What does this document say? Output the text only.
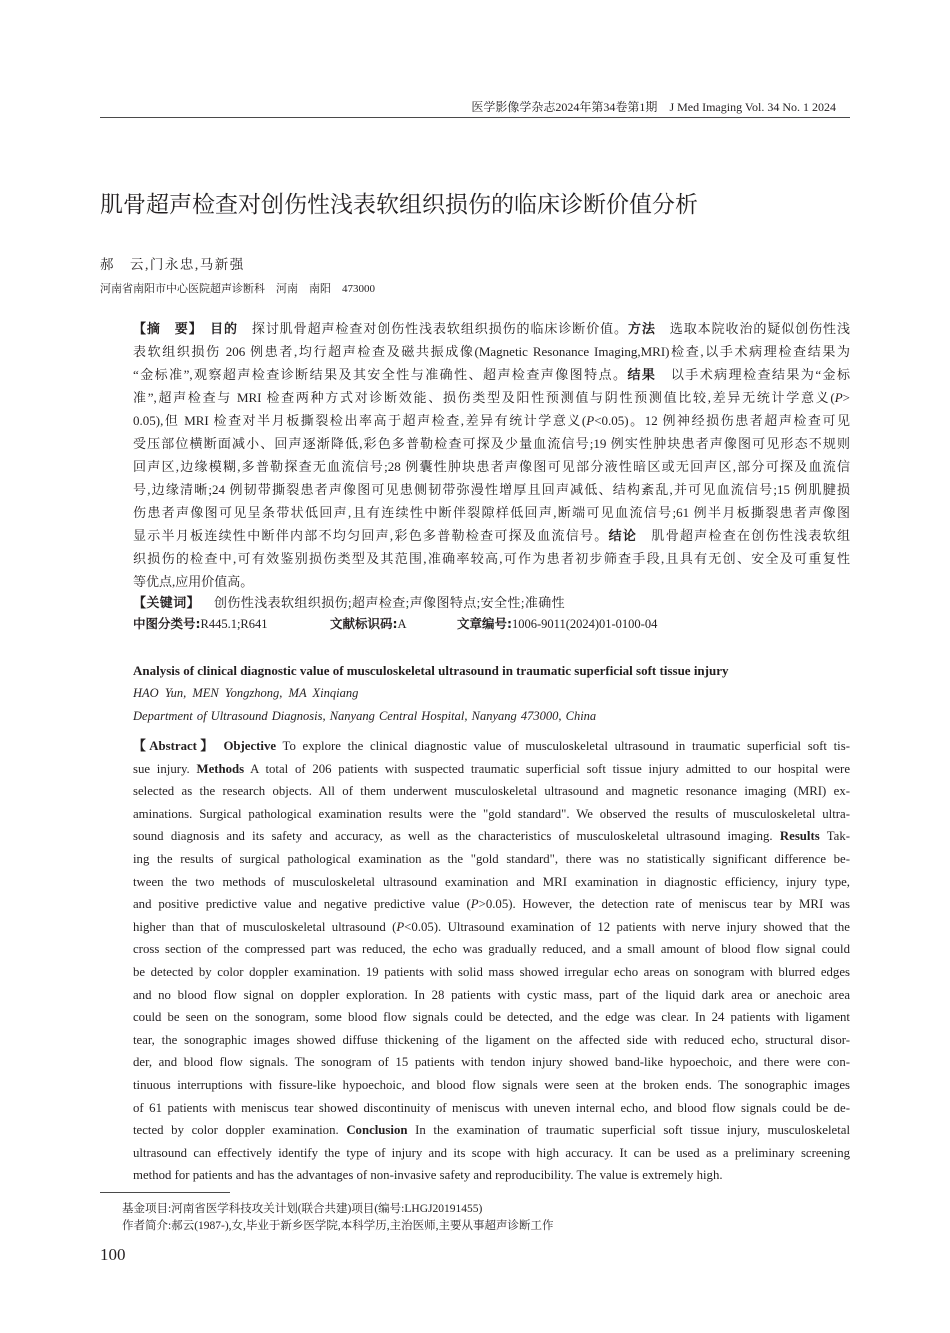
医学影像学杂志2024年第34卷第1期 J Med Imaging Vol. 34 No. 1 2024
肌骨超声检查对创伤性浅表软组织损伤的临床诊断价值分析
郝　云,门永忠,马新强
河南省南阳市中心医院超声诊断科　河南　南阳　473000
【摘　要】　目的　探讨肌骨超声检查对创伤性浅表软组织损伤的临床诊断价值。方法　选取本院收治的疑似创伤性浅
表软组织损伤 206 例患者,均行超声检查及磁共振成像(Magnetic Resonance Imaging,MRI)检查,以手术病理检查结果为
“金标准”,观察超声检查诊断结果及其安全性与准确性、超声检查声像图特点。结果　以手术病理检查结果为“金标
准”,超声检查与 MRI 检查两种方式对诊断效能、损伤类型及阳性预测值与阴性预测值比较,差异无统计学意义(P>
0.05),但 MRI 检查对半月板撕裂检出率高于超声检查,差异有统计学意义(P<0.05)。12 例神经损伤患者超声检查可见
受压部位横断面减小、回声逐渐降低,彩色多普勒检查可探及少量血流信号;19 例实性肿块患者声像图可见形态不规则
回声区,边缘模糊,多普勒探查无血流信号;28 例囊性肿块患者声像图可见部分液性暗区或无回声区,部分可探及血流信
号,边缘清晰;24 例韧带撕裂患者声像图可见患侧韧带弥漫性增厚且回声减低、结构紊乱,并可见血流信号;15 例肌腱损
伤患者声像图可见呈条带状低回声,且有连续性中断伴裂隙样低回声,断端可见血流信号;61 例半月板撕裂患者声像图
显示半月板连续性中断伴内部不均匀回声,彩色多普勒检查可探及血流信号。结论　肌骨超声检查在创伤性浅表软组
织损伤的检查中,可有效鉴别损伤类型及其范围,准确率较高,可作为患者初步筛查手段,且具有无创、安全及可重复性
等优点,应用价值高。
【关键词】 创伤性浅表软组织损伤;超声检查;声像图特点;安全性;准确性
中图分类号:R445.1;R641	文献标识码:A	文章编号:1006-9011(2024)01-0100-04
Analysis of clinical diagnostic value of musculoskeletal ultrasound in traumatic superficial soft tissue injury
HAO Yun, MEN Yongzhong, MA Xinqiang
Department of Ultrasound Diagnosis, Nanyang Central Hospital, Nanyang 473000, China
【Abstract】 Objective To explore the clinical diagnostic value of musculoskeletal ultrasound in traumatic superficial soft tis-
sue injury. Methods A total of 206 patients with suspected traumatic superficial soft tissue injury admitted to our hospital were
selected as the research objects. All of them underwent musculoskeletal ultrasound and magnetic resonance imaging (MRI) ex-
aminations. Surgical pathological examination results were the "gold standard". We observed the results of musculoskeletal ultra-
sound diagnosis and its safety and accuracy, as well as the characteristics of musculoskeletal ultrasound imaging. Results Tak-
ing the results of surgical pathological examination as the "gold standard", there was no statistically significant difference be-
tween the two methods of musculoskeletal ultrasound examination and MRI examination in diagnostic efficiency, injury type,
and positive predictive value and negative predictive value (P>0.05). However, the detection rate of meniscus tear by MRI was
higher than that of musculoskeletal ultrasound (P<0.05). Ultrasound examination of 12 patients with nerve injury showed that the
cross section of the compressed part was reduced, the echo was gradually reduced, and a small amount of blood flow signal could
be detected by color doppler examination. 19 patients with solid mass showed irregular echo areas on sonogram with blurred edges
and no blood flow signal on doppler exploration. In 28 patients with cystic mass, part of the liquid dark area or anechoic area
could be seen on the sonogram, some blood flow signals could be detected, and the edge was clear. In 24 patients with ligament
tear, the sonographic images showed diffuse thickening of the ligament on the affected side with reduced echo, structural disor-
der, and blood flow signals. The sonogram of 15 patients with tendon injury showed band-like hypoechoic, and there were con-
tinuous interruptions with fissure-like hypoechoic, and blood flow signals were seen at the broken ends. The sonographic images
of 61 patients with meniscus tear showed discontinuity of meniscus with uneven internal echo, and blood flow signals could be de-
tected by color doppler examination. Conclusion In the examination of traumatic superficial soft tissue injury, musculoskeletal
ultrasound can effectively identify the type of injury and its scope with high accuracy. It can be used as a preliminary screening
method for patients and has the advantages of non-invasive safety and reproducibility. The value is extremely high.
基金项目:河南省医学科技攻关计划(联合共建)项目(编号:LHGJ20191455)
作者简介:郝云(1987-),女,毕业于新乡医学院,本科学历,主治医师,主要从事超声诊断工作
100
